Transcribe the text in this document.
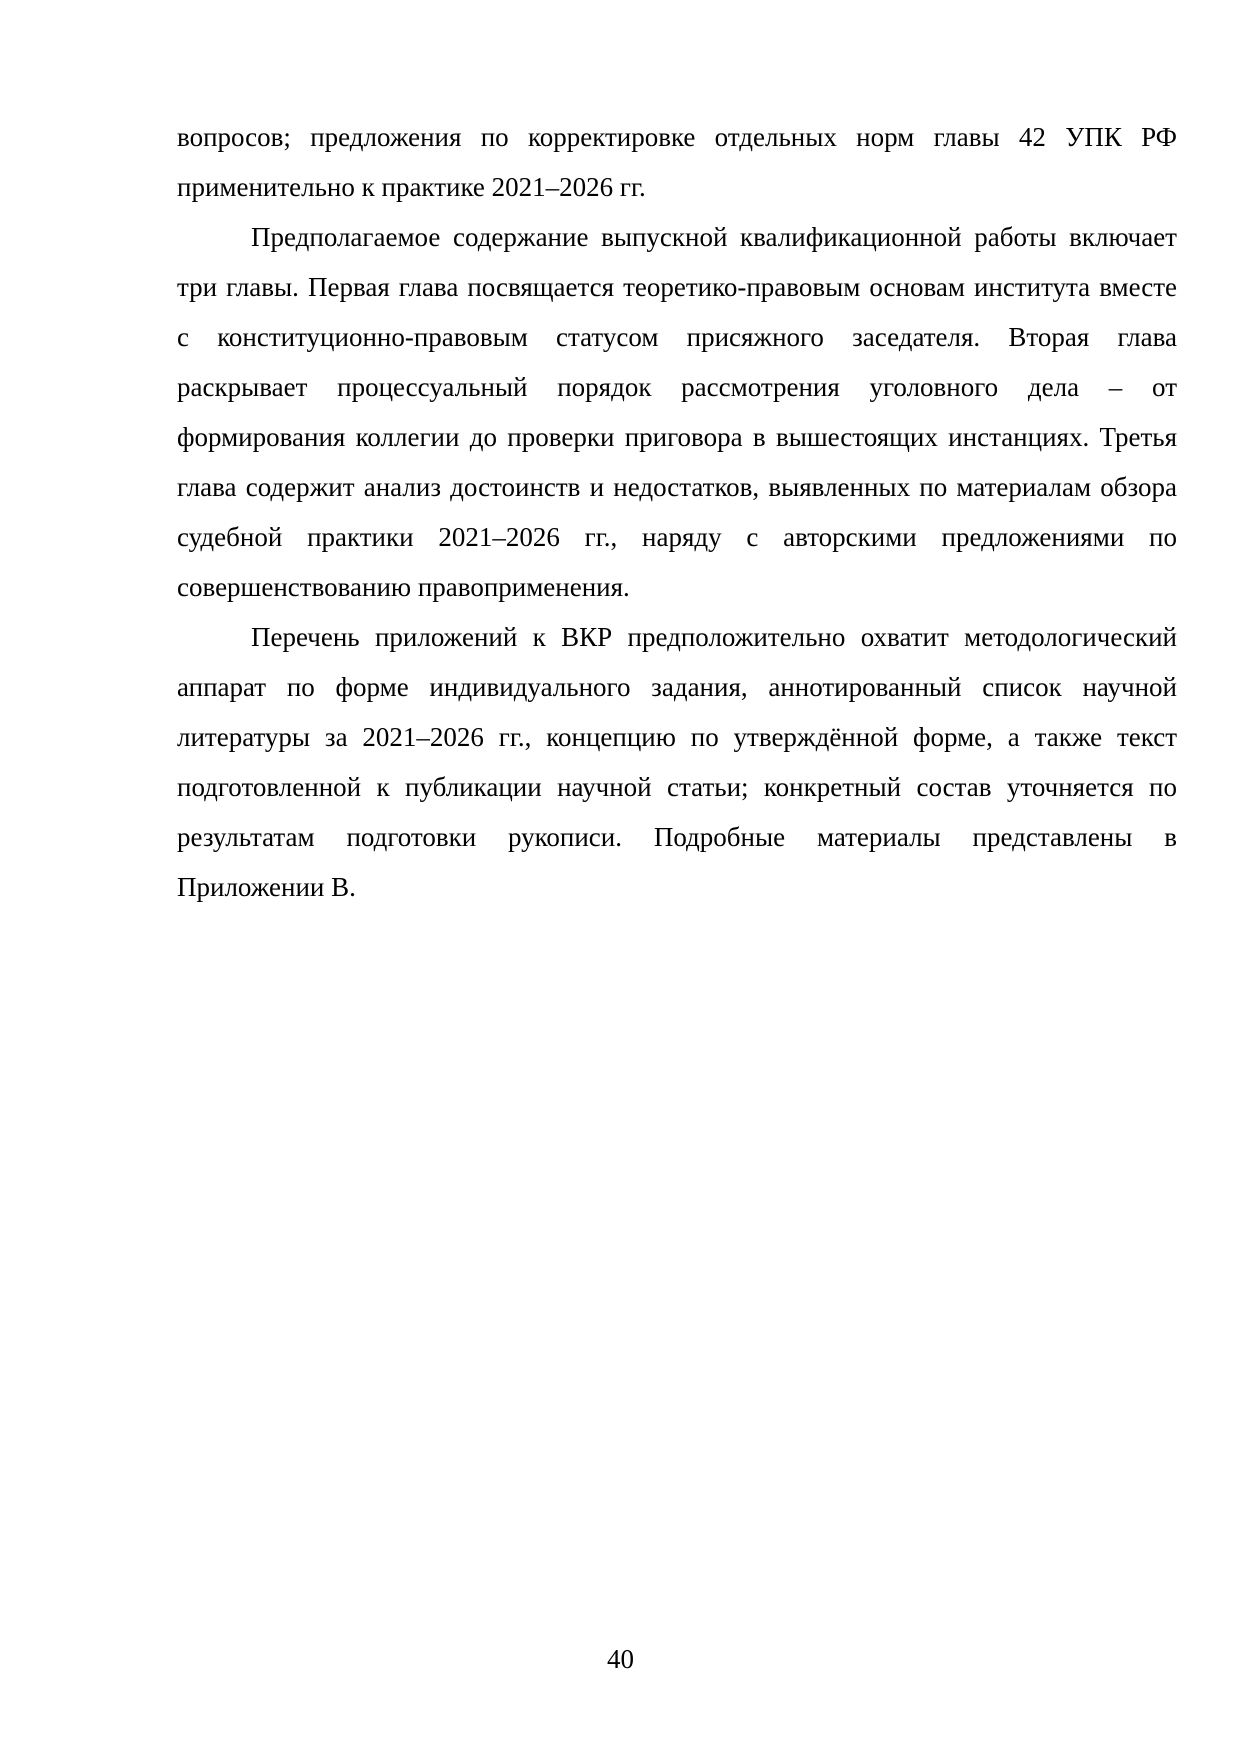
вопросов; предложения по корректировке отдельных норм главы 42 УПК РФ применительно к практике 2021–2026 гг.

Предполагаемое содержание выпускной квалификационной работы включает три главы. Первая глава посвящается теоретико-правовым основам института вместе с конституционно-правовым статусом присяжного заседателя. Вторая глава раскрывает процессуальный порядок рассмотрения уголовного дела – от формирования коллегии до проверки приговора в вышестоящих инстанциях. Третья глава содержит анализ достоинств и недостатков, выявленных по материалам обзора судебной практики 2021–2026 гг., наряду с авторскими предложениями по совершенствованию правоприменения.

Перечень приложений к ВКР предположительно охватит методологический аппарат по форме индивидуального задания, аннотированный список научной литературы за 2021–2026 гг., концепцию по утверждённой форме, а также текст подготовленной к публикации научной статьи; конкретный состав уточняется по результатам подготовки рукописи. Подробные материалы представлены в Приложении В.

40
